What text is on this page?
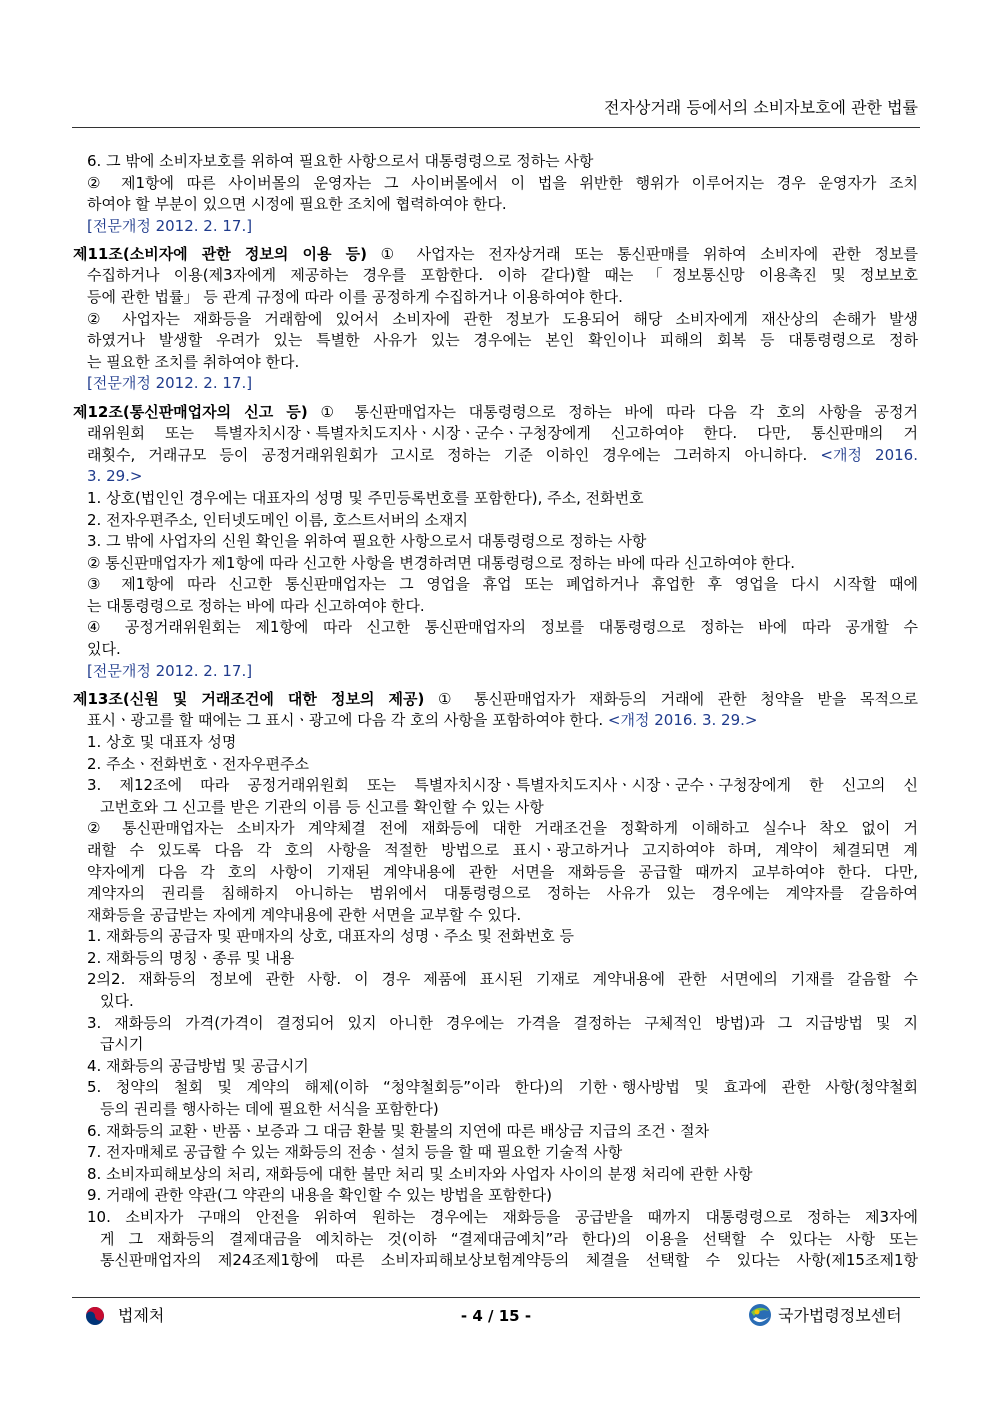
전자상거래 등에서의 소비자보호에 관한 법률
6. 그 밖에 소비자보호를 위하여 필요한 사항으로서 대통령령으로 정하는 사항
② 제1항에 따른 사이버몰의 운영자는 그 사이버몰에서 이 법을 위반한 행위가 이루어지는 경우 운영자가 조치
하여야 할 부분이 있으면 시정에 필요한 조치에 협력하여야 한다.
[전문개정 2012. 2. 17.]
제11조(소비자에 관한 정보의 이용 등) ① 사업자는 전자상거래 또는 통신판매를 위하여 소비자에 관한 정보를
수집하거나 이용(제3자에게 제공하는 경우를 포함한다. 이하 같다)할 때는 「정보통신망 이용촉진 및 정보보호
등에 관한 법률」 등 관계 규정에 따라 이를 공정하게 수집하거나 이용하여야 한다.
② 사업자는 재화등을 거래함에 있어서 소비자에 관한 정보가 도용되어 해당 소비자에게 재산상의 손해가 발생
하였거나 발생할 우려가 있는 특별한 사유가 있는 경우에는 본인 확인이나 피해의 회복 등 대통령령으로 정하
는 필요한 조치를 취하여야 한다.
[전문개정 2012. 2. 17.]
제12조(통신판매업자의 신고 등) ① 통신판매업자는 대통령령으로 정하는 바에 따라 다음 각 호의 사항을 공정거
래위원회 또는 특별자치시장ㆍ특별자치도지사ㆍ시장ㆍ군수ㆍ구청장에게 신고하여야 한다. 다만, 통신판매의 거
래횟수, 거래규모 등이 공정거래위원회가 고시로 정하는 기준 이하인 경우에는 그러하지 아니하다. <개정 2016.
3. 29.>
1. 상호(법인인 경우에는 대표자의 성명 및 주민등록번호를 포함한다), 주소, 전화번호
2. 전자우편주소, 인터넷도메인 이름, 호스트서버의 소재지
3. 그 밖에 사업자의 신원 확인을 위하여 필요한 사항으로서 대통령령으로 정하는 사항
② 통신판매업자가 제1항에 따라 신고한 사항을 변경하려면 대통령령으로 정하는 바에 따라 신고하여야 한다.
③ 제1항에 따라 신고한 통신판매업자는 그 영업을 휴업 또는 폐업하거나 휴업한 후 영업을 다시 시작할 때에
는 대통령령으로 정하는 바에 따라 신고하여야 한다.
④ 공정거래위원회는 제1항에 따라 신고한 통신판매업자의 정보를 대통령령으로 정하는 바에 따라 공개할 수
있다.
[전문개정 2012. 2. 17.]
제13조(신원 및 거래조건에 대한 정보의 제공) ① 통신판매업자가 재화등의 거래에 관한 청약을 받을 목적으로
표시ㆍ광고를 할 때에는 그 표시ㆍ광고에 다음 각 호의 사항을 포함하여야 한다. <개정 2016. 3. 29.>
1. 상호 및 대표자 성명
2. 주소ㆍ전화번호ㆍ전자우편주소
3. 제12조에 따라 공정거래위원회 또는 특별자치시장ㆍ특별자치도지사ㆍ시장ㆍ군수ㆍ구청장에게 한 신고의 신
고번호와 그 신고를 받은 기관의 이름 등 신고를 확인할 수 있는 사항
② 통신판매업자는 소비자가 계약체결 전에 재화등에 대한 거래조건을 정확하게 이해하고 실수나 착오 없이 거
래할 수 있도록 다음 각 호의 사항을 적절한 방법으로 표시ㆍ광고하거나 고지하여야 하며, 계약이 체결되면 계
약자에게 다음 각 호의 사항이 기재된 계약내용에 관한 서면을 재화등을 공급할 때까지 교부하여야 한다. 다만,
계약자의 권리를 침해하지 아니하는 범위에서 대통령령으로 정하는 사유가 있는 경우에는 계약자를 갈음하여
재화등을 공급받는 자에게 계약내용에 관한 서면을 교부할 수 있다.
1. 재화등의 공급자 및 판매자의 상호, 대표자의 성명ㆍ주소 및 전화번호 등
2. 재화등의 명칭ㆍ종류 및 내용
2의2. 재화등의 정보에 관한 사항. 이 경우 제품에 표시된 기재로 계약내용에 관한 서면에의 기재를 갈음할 수
있다.
3. 재화등의 가격(가격이 결정되어 있지 아니한 경우에는 가격을 결정하는 구체적인 방법)과 그 지급방법 및 지
급시기
4. 재화등의 공급방법 및 공급시기
5. 청약의 철회 및 계약의 해제(이하 “청약철회등”이라 한다)의 기한ㆍ행사방법 및 효과에 관한 사항(청약철회
등의 권리를 행사하는 데에 필요한 서식을 포함한다)
6. 재화등의 교환ㆍ반품ㆍ보증과 그 대금 환불 및 환불의 지연에 따른 배상금 지급의 조건ㆍ절차
7. 전자매체로 공급할 수 있는 재화등의 전송ㆍ설치 등을 할 때 필요한 기술적 사항
8. 소비자피해보상의 처리, 재화등에 대한 불만 처리 및 소비자와 사업자 사이의 분쟁 처리에 관한 사항
9. 거래에 관한 약관(그 약관의 내용을 확인할 수 있는 방법을 포함한다)
10. 소비자가 구매의 안전을 위하여 원하는 경우에는 재화등을 공급받을 때까지 대통령령으로 정하는 제3자에
게 그 재화등의 결제대금을 예치하는 것(이하 “결제대금예치”라 한다)의 이용을 선택할 수 있다는 사항 또는
통신판매업자의 제24조제1항에 따른 소비자피해보상보험계약등의 체결을 선택할 수 있다는 사항(제15조제1항
법제처	- 4 / 15 -	국가법령정보센터
